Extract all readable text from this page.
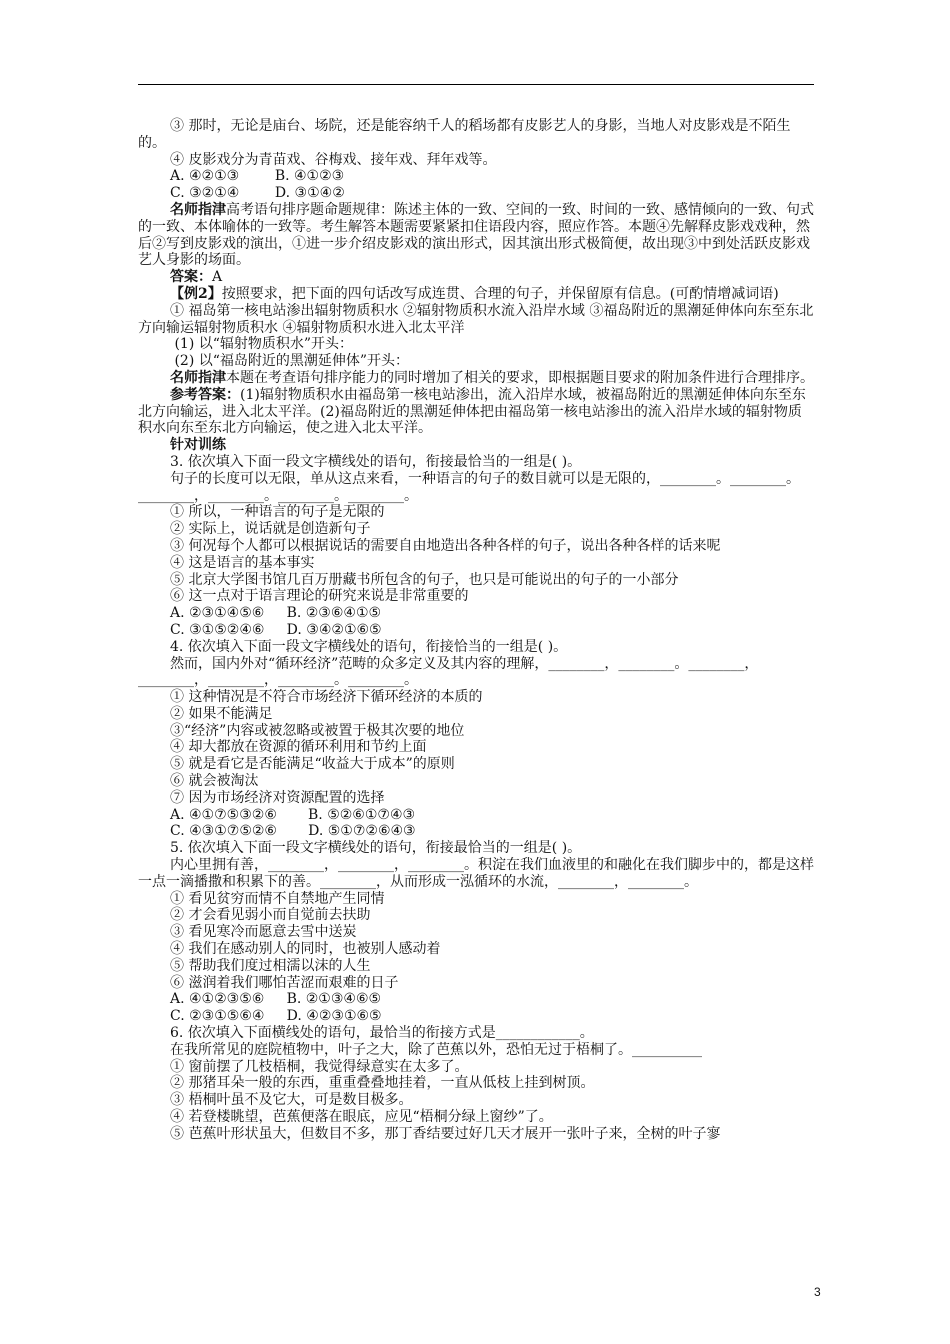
③ 那时，无论是庙台、场院，还是能容纳千人的稻场都有皮影艺人的身影，当地人对皮影戏是不陌生的。

④ 皮影戏分为青苗戏、谷梅戏、接年戏、拜年戏等。

A. ④②①③        B. ④①②③

C. ③②①④        D. ③①④②

名师指津高考语句排序题命题规律：陈述主体的一致、空间的一致、时间的一致、感情倾向的一致、句式的一致、本体喻体的一致等。考生解答本题需要紧紧扣住语段内容，照应作答。本题④先解释皮影戏戏种，然后②写到皮影戏的演出，①进一步介绍皮影戏的演出形式，因其演出形式极简便，故出现③中到处活跃皮影戏艺人身影的场面。

答案：A

【例2】按照要求，把下面的四句话改写成连贯、合理的句子，并保留原有信息。(可酌情增减词语)

① 福岛第一核电站渗出辐射物质积水 ②辐射物质积水流入沿岸水域 ③福岛附近的黑潮延伸体向东至东北方向输运辐射物质积水 ④辐射物质积水进入北太平洋

(1) 以“辐射物质积水”开头：

(2) 以“福岛附近的黑潮延伸体”开头：

名师指津本题在考查语句排序能力的同时增加了相关的要求，即根据题目要求的附加条件进行合理排序。

参考答案：(1)辐射物质积水由福岛第一核电站渗出，流入沿岸水域，被福岛附近的黑潮延伸体向东至东北方向输运，进入北太平洋。(2)福岛附近的黑潮延伸体把由福岛第一核电站渗出的流入沿岸水域的辐射物质积水向东至东北方向输运，使之进入北太平洋。

针对训练

3. 依次填入下面一段文字横线处的语句，衔接最恰当的一组是( )。

句子的长度可以无限，单从这点来看，一种语言的句子的数目就可以是无限的，________。________。________，________。________。________。

① 所以，一种语言的句子是无限的

② 实际上，说话就是创造新句子

③ 何况每个人都可以根据说话的需要自由地造出各种各样的句子，说出各种各样的话来呢

④ 这是语言的基本事实

⑤ 北京大学图书馆几百万册藏书所包含的句子，也只是可能说出的句子的一小部分

⑥ 这一点对于语言理论的研究来说是非常重要的

A. ②③①④⑤⑥     B. ②③⑥④①⑤

C. ③①⑤②④⑥     D. ③④②①⑥⑤

4. 依次填入下面一段文字横线处的语句，衔接恰当的一组是( )。

然而，国内外对“循环经济”范畴的众多定义及其内容的理解，________，________。________，________，________，________。________。

① 这种情况是不符合市场经济下循环经济的本质的

② 如果不能满足

③“经济”内容或被忽略或被置于极其次要的地位

④ 却大都放在资源的循环利用和节约上面

⑤ 就是看它是否能满足“收益大于成本”的原则

⑥ 就会被淘汰

⑦ 因为市场经济对资源配置的选择

A. ④①⑦⑤③②⑥       B. ⑤②⑥①⑦④③

C. ④③①⑦⑤②⑥       D. ⑤①⑦②⑥④③

5. 依次填入下面一段文字横线处的语句，衔接最恰当的一组是( )。

内心里拥有善，________，________，________。积淀在我们血液里的和融化在我们脚步中的，都是这样一点一滴播撒和积累下的善。________，从而形成一泓循环的水流，________，________。

① 看见贫穷而情不自禁地产生同情

② 才会看见弱小而自觉前去扶助

③ 看见寒冷而愿意去雪中送炭

④ 我们在感动别人的同时，也被别人感动着

⑤ 帮助我们度过相濡以沫的人生

⑥ 滋润着我们哪怕苦涩而艰难的日子

A. ④①②③⑤⑥     B. ②①③④⑥⑤

C. ②③①⑤⑥④     D. ④②③①⑥⑤

6. 依次填入下面横线处的语句，最恰当的衔接方式是____________。

在我所常见的庭院植物中，叶子之大，除了芭蕉以外，恐怕无过于梧桐了。__________

① 窗前摆了几枝梧桐，我觉得绿意实在太多了。

② 那猪耳朵一般的东西，重重叠叠地挂着，一直从低枝上挂到树顶。

③ 梧桐叶虽不及它大，可是数目极多。

④ 若登楼眺望，芭蕉便落在眼底，应见“梧桐分绿上窗纱”了。

⑤ 芭蕉叶形状虽大，但数目不多，那丁香结要过好几天才展开一张叶子来，全树的叶子寥

3
